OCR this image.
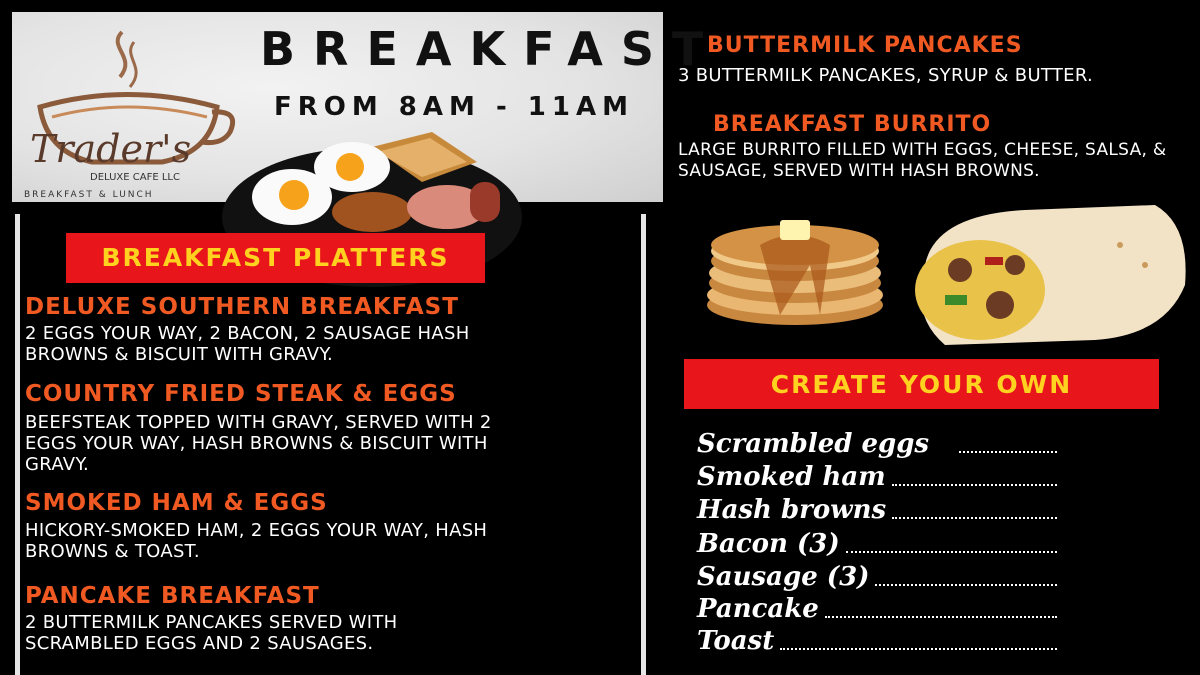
Trader's
DELUXE CAFE LLC
BREAKFAST & LUNCH
BREAKFAST
FROM 8AM - 11AM
BREAKFAST PLATTERS
DELUXE SOUTHERN BREAKFAST
2 EGGS YOUR WAY, 2 BACON, 2 SAUSAGE HASH BROWNS & BISCUIT WITH GRAVY.
COUNTRY FRIED STEAK & EGGS
BEEFSTEAK TOPPED WITH GRAVY, SERVED WITH 2 EGGS YOUR WAY, HASH BROWNS & BISCUIT WITH GRAVY.
SMOKED HAM & EGGS
HICKORY-SMOKED HAM, 2 EGGS YOUR WAY, HASH BROWNS & TOAST.
PANCAKE BREAKFAST
2 BUTTERMILK PANCAKES SERVED WITH SCRAMBLED EGGS AND 2 SAUSAGES.
BUTTERMILK PANCAKES
3 BUTTERMILK PANCAKES, SYRUP & BUTTER.
BREAKFAST BURRITO
LARGE BURRITO FILLED WITH EGGS, CHEESE, SALSA, & SAUSAGE, SERVED WITH HASH BROWNS.
CREATE YOUR OWN
Scrambled eggs
Smoked ham
Hash browns
Bacon (3)
Sausage (3)
Pancake
Toast
